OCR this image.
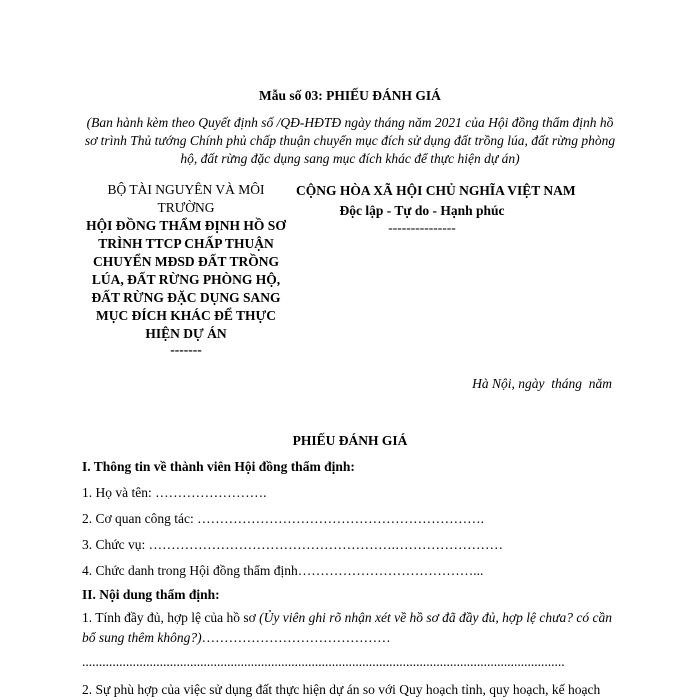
Mẫu số 03: PHIẾU ĐÁNH GIÁ
(Ban hành kèm theo Quyết định số /QĐ-HĐTĐ ngày tháng năm 2021 của Hội đồng thẩm định hồ sơ trình Thủ tướng Chính phủ chấp thuận chuyển mục đích sử dụng đất trồng lúa, đất rừng phòng hộ, đất rừng đặc dụng sang mục đích khác để thực hiện dự án)
BỘ TÀI NGUYÊN VÀ MÔI TRƯỜNG
HỘI ĐỒNG THẨM ĐỊNH HỒ SƠ TRÌNH TTCP CHẤP THUẬN CHUYỂN MĐSD ĐẤT TRỒNG LÚA, ĐẤT RỪNG PHÒNG HỘ, ĐẤT RỪNG ĐẶC DỤNG SANG MỤC ĐÍCH KHÁC ĐỂ THỰC HIỆN DỰ ÁN
-------
CỘNG HÒA XÃ HỘI CHỦ NGHĨA VIỆT NAM
Độc lập - Tự do - Hạnh phúc
---------------
Hà Nội, ngày  tháng  năm
PHIẾU ĐÁNH GIÁ
I. Thông tin về thành viên Hội đồng thẩm định:
1. Họ và tên: …………………….
2. Cơ quan công tác: ……………………………………………………….
3. Chức vụ: ……………………………………………….……………………
4. Chức danh trong Hội đồng thẩm định…………………………………...
II. Nội dung thẩm định:
1. Tính đầy đủ, hợp lệ của hồ sơ (Ủy viên ghi rõ nhận xét về hồ sơ đã đầy đủ, hợp lệ chưa? có cần bổ sung thêm không?)……………………………………
...............................................................................................................................................
2. Sự phù hợp của việc sử dụng đất thực hiện dự án so với Quy hoạch tỉnh, quy hoạch, kế hoạch
